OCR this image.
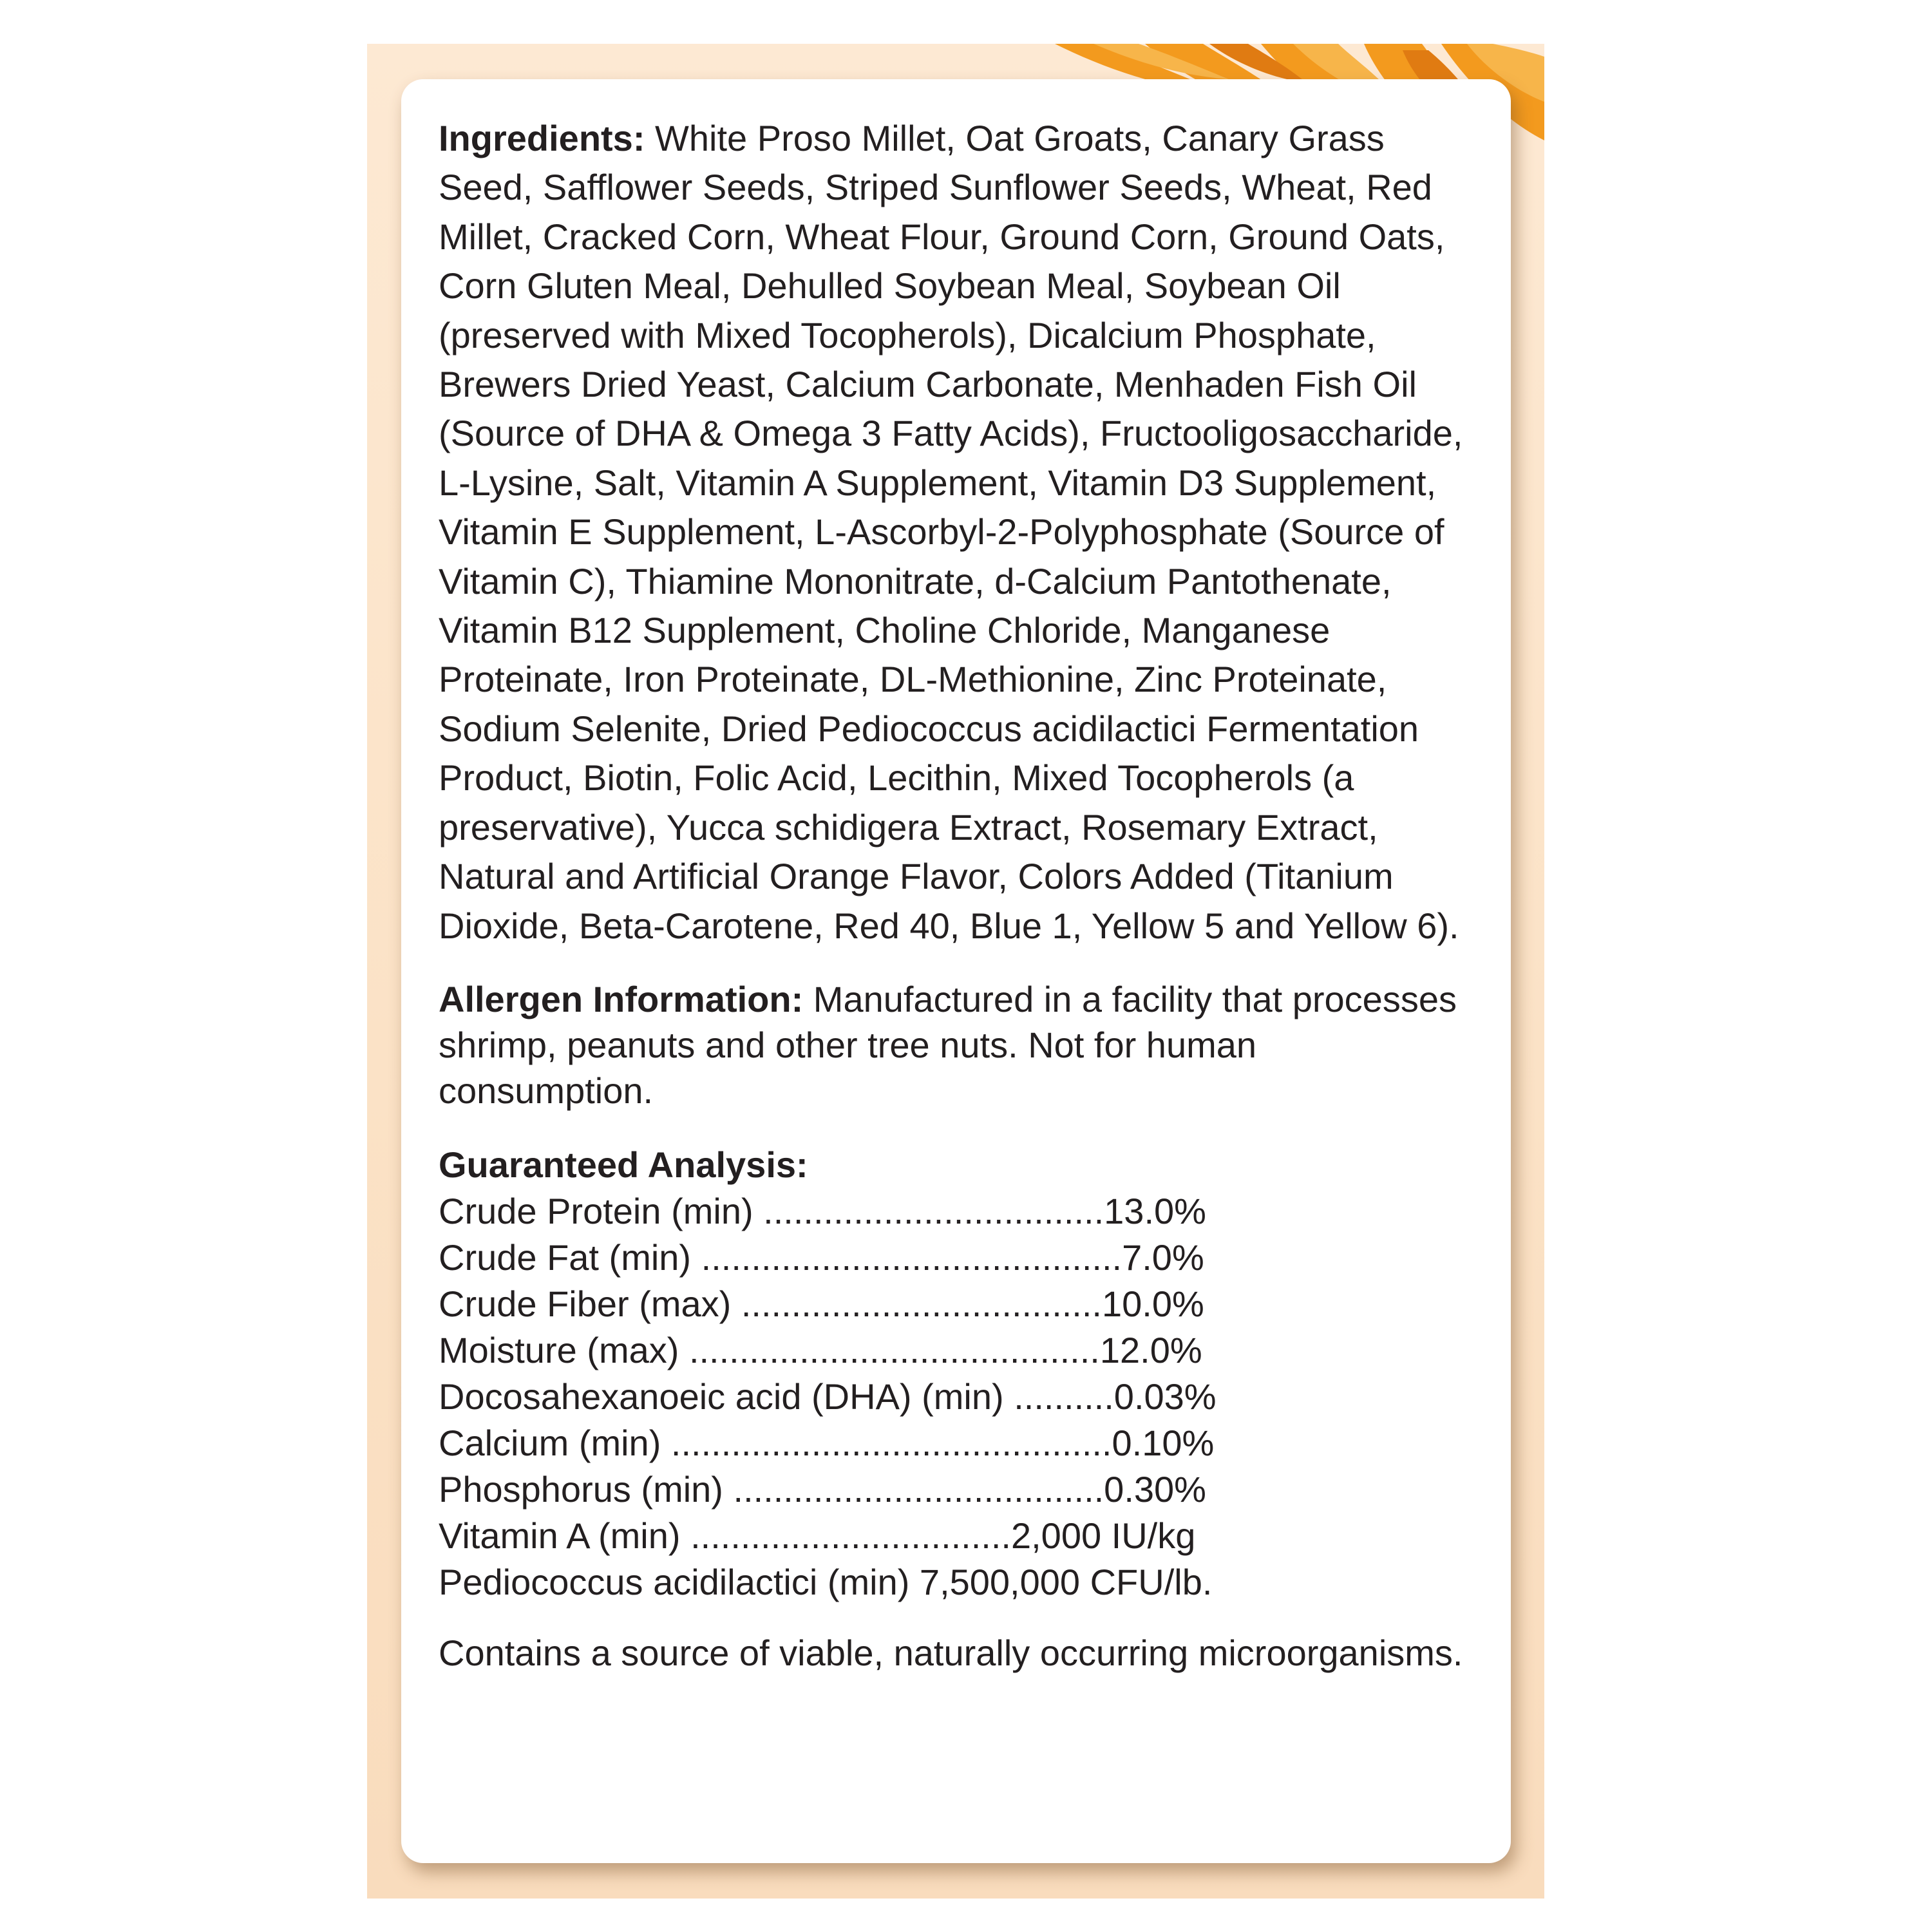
Ingredients: White Proso Millet, Oat Groats, Canary Grass Seed, Safflower Seeds, Striped Sunflower Seeds, Wheat, Red Millet, Cracked Corn, Wheat Flour, Ground Corn, Ground Oats, Corn Gluten Meal, Dehulled Soybean Meal, Soybean Oil (preserved with Mixed Tocopherols), Dicalcium Phosphate, Brewers Dried Yeast, Calcium Carbonate, Menhaden Fish Oil (Source of DHA & Omega 3 Fatty Acids), Fructooligosaccharide, L-Lysine, Salt, Vitamin A Supplement, Vitamin D3 Supplement, Vitamin E Supplement, L-Ascorbyl-2-Polyphosphate (Source of Vitamin C), Thiamine Mononitrate, d-Calcium Pantothenate, Vitamin B12 Supplement, Choline Chloride, Manganese Proteinate, Iron Proteinate, DL-Methionine, Zinc Proteinate, Sodium Selenite, Dried Pediococcus acidilactici Fermentation Product, Biotin, Folic Acid, Lecithin, Mixed Tocopherols (a preservative), Yucca schidigera Extract, Rosemary Extract, Natural and Artificial Orange Flavor, Colors Added (Titanium Dioxide, Beta-Carotene, Red 40, Blue 1, Yellow 5 and Yellow 6).

Allergen Information: Manufactured in a facility that processes shrimp, peanuts and other tree nuts. Not for human consumption.

Guaranteed Analysis:
Crude Protein (min) ..................................13.0%
Crude Fat (min) ..........................................7.0%
Crude Fiber (max) ....................................10.0%
Moisture (max) .........................................12.0%
Docosahexanoeic acid (DHA) (min) ..........0.03%
Calcium (min) ............................................0.10%
Phosphorus (min) .....................................0.30%
Vitamin A (min) ................................2,000 IU/kg
Pediococcus acidilactici (min) 7,500,000 CFU/lb.

Contains a source of viable, naturally occurring microorganisms.
